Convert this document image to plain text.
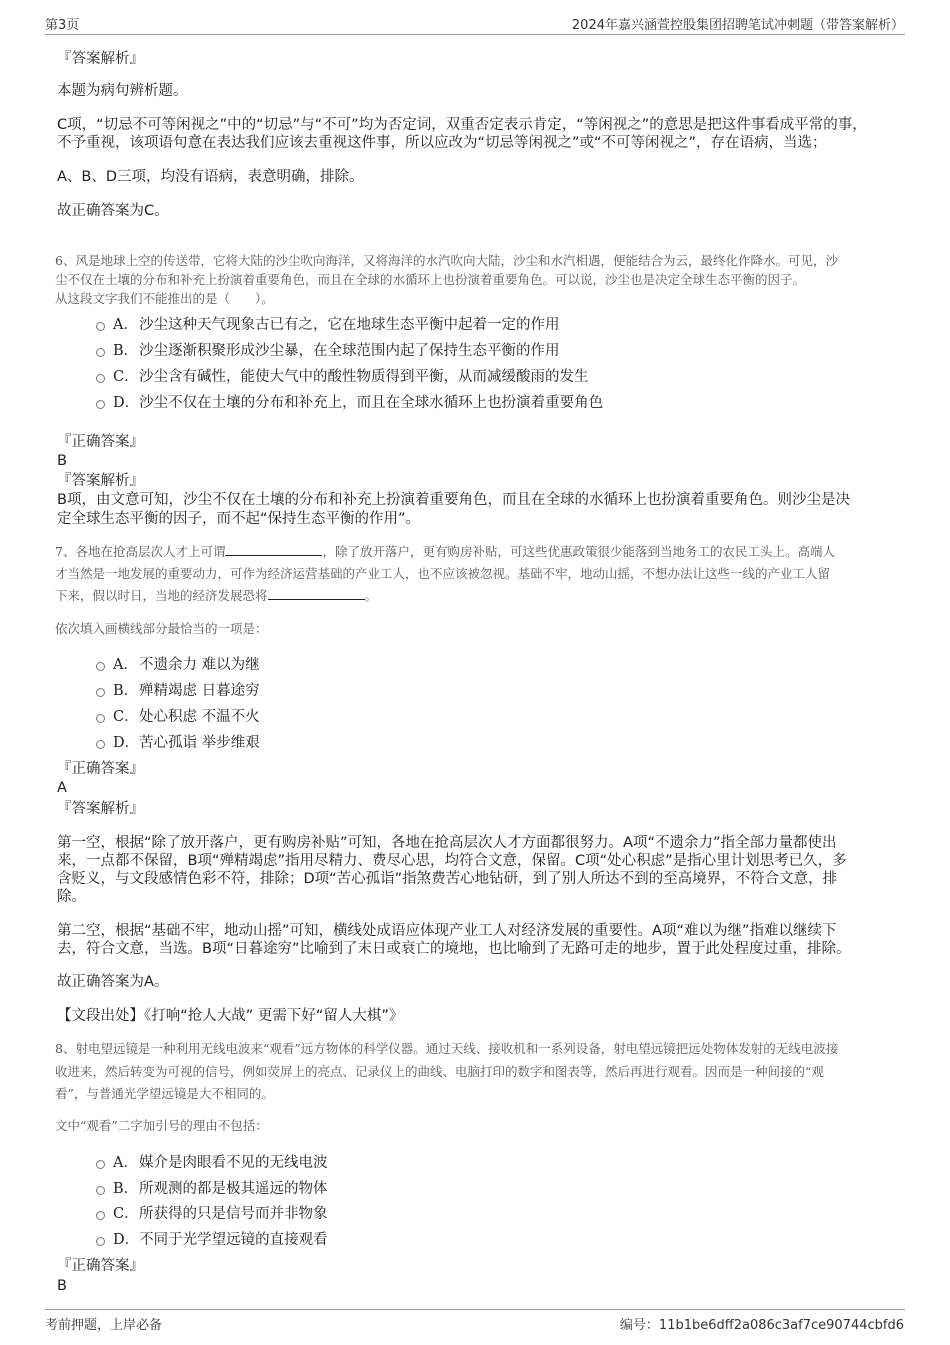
第3页	2024年嘉兴涵萱控股集团招聘笔试冲刺题（带答案解析）
『答案解析』
本题为病句辨析题。
C项，“切忌不可等闲视之”中的“切忌”与“不可”均为否定词，双重否定表示肯定，“等闲视之”的意思是把这件事看成平常的事，
不予重视，该项语句意在表达我们应该去重视这件事，所以应改为“切忌等闲视之”或“不可等闲视之”，存在语病，当选；
A、B、D三项，均没有语病，表意明确，排除。
故正确答案为C。
6、风是地球上空的传送带，它将大陆的沙尘吹向海洋，又将海洋的水汽吹向大陆，沙尘和水汽相遇，便能结合为云，最终化作降水。可见，沙
尘不仅在土壤的分布和补充上扮演着重要角色，而且在全球的水循环上也扮演着重要角色。可以说，沙尘也是决定全球生态平衡的因子。
从这段文字我们不能推出的是（　　）。
A． 沙尘这种天气现象古已有之，它在地球生态平衡中起着一定的作用
B． 沙尘逐渐积聚形成沙尘暴，在全球范围内起了保持生态平衡的作用
C． 沙尘含有碱性，能使大气中的酸性物质得到平衡，从而减缓酸雨的发生
D． 沙尘不仅在土壤的分布和补充上，而且在全球水循环上也扮演着重要角色
『正确答案』
B
『答案解析』
B项，由文意可知，沙尘不仅在土壤的分布和补充上扮演着重要角色，而且在全球的水循环上也扮演着重要角色。则沙尘是决
定全球生态平衡的因子，而不起“保持生态平衡的作用”。
7、各地在抢高层次人才上可谓	，除了放开落户，更有购房补贴，可这些优惠政策很少能落到当地务工的农民工头上。高端人
才当然是一地发展的重要动力，可作为经济运营基础的产业工人，也不应该被忽视。基础不牢，地动山摇，不想办法让这些一线的产业工人留
下来，假以时日，当地的经济发展恐将	。
依次填入画横线部分最恰当的一项是：
A． 不遗余力 难以为继
B． 殚精竭虑 日暮途穷
C． 处心积虑 不温不火
D． 苦心孤诣 举步维艰
『正确答案』
A
『答案解析』
第一空，根据“除了放开落户，更有购房补贴”可知，各地在抢高层次人才方面都很努力。A项“不遗余力”指全部力量都使出
来，一点都不保留，B项“殚精竭虑”指用尽精力、费尽心思，均符合文意，保留。C项“处心积虑”是指心里计划思考已久，多
含贬义，与文段感情色彩不符，排除；D项“苦心孤诣”指煞费苦心地钻研，到了别人所达不到的至高境界，不符合文意，排
除。
第二空，根据“基础不牢，地动山摇”可知，横线处成语应体现产业工人对经济发展的重要性。A项“难以为继”指难以继续下
去，符合文意，当选。B项“日暮途穷”比喻到了末日或衰亡的境地，也比喻到了无路可走的地步，置于此处程度过重，排除。
故正确答案为A。
【文段出处】《打响“抢人大战” 更需下好“留人大棋”》
8、射电望远镜是一种利用无线电波来“观看”远方物体的科学仪器。通过天线、接收机和一系列设备，射电望远镜把远处物体发射的无线电波接
收进来，然后转变为可视的信号，例如荧屏上的亮点、记录仪上的曲线、电脑打印的数字和图表等，然后再进行观看。因而是一种间接的“观
看”，与普通光学望远镜是大不相同的。
文中“观看”二字加引号的理由不包括：
A． 媒介是肉眼看不见的无线电波
B． 所观测的都是极其遥远的物体
C． 所获得的只是信号而并非物象
D． 不同于光学望远镜的直接观看
『正确答案』
B
考前押题，上岸必备	编号：11b1be6dff2a086c3af7ce90744cbfd6
